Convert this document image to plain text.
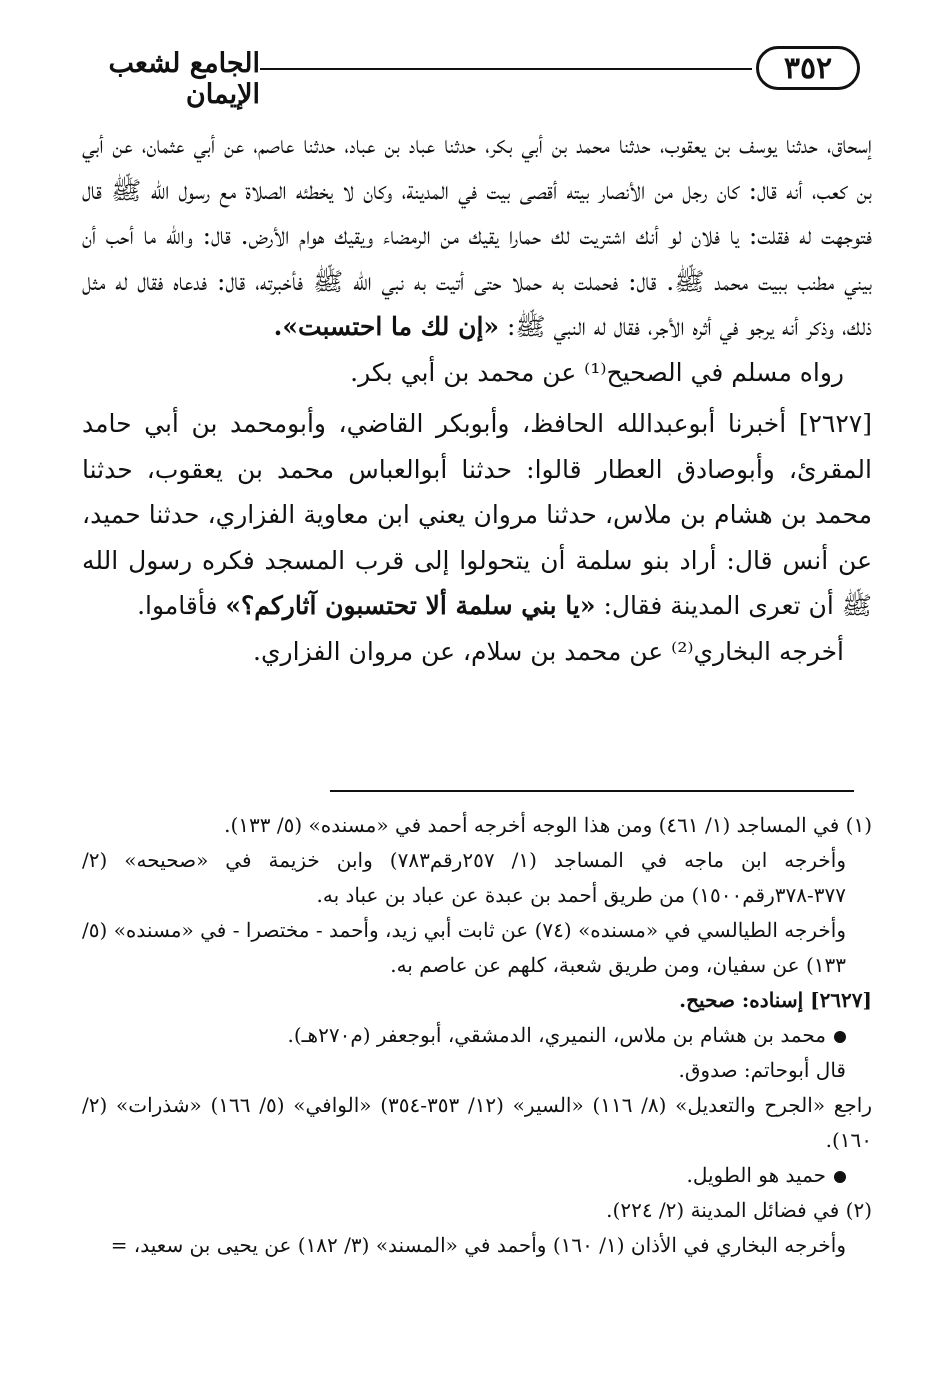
الجامع لشعب الإيمان
٣٥٢

إسحاق، حدثنا يوسف بن يعقوب، حدثنا محمد بن أبي بكر، حدثنا عباد بن عباد، حدثنا عاصم، عن أبي عثمان، عن أبي بن كعب، أنه قال: كان رجل من الأنصار بيته أقصى بيت في المدينة، وكان لا يخطئه الصلاة مع رسول الله ﷺ قال فتوجهت له فقلت: يا فلان لو أنك اشتريت لك حمارا يقيك من الرمضاء ويقيك هوام الأرض. قال: والله ما أحب أن بيني مطنب ببيت محمد ﷺ. قال: فحملت به حملا حتى أتيت به نبي الله ﷺ فأخبرته، قال: فدعاه فقال له مثل ذلك، وذكر أنه يرجو في أثره الأجر، فقال له النبي ﷺ: «إن لك ما احتسبت».

رواه مسلم في الصحيح⁽¹⁾ عن محمد بن أبي بكر.

[٢٦٢٧] أخبرنا أبوعبدالله الحافظ، وأبوبكر القاضي، وأبومحمد بن أبي حامد المقرئ، وأبوصادق العطار قالوا: حدثنا أبوالعباس محمد بن يعقوب، حدثنا محمد بن هشام بن ملاس، حدثنا مروان يعني ابن معاوية الفزاري، حدثنا حميد، عن أنس قال: أراد بنو سلمة أن يتحولوا إلى قرب المسجد فكره رسول الله ﷺ أن تعرى المدينة فقال: «يا بني سلمة ألا تحتسبون آثاركم؟» فأقاموا.

أخرجه البخاري⁽²⁾ عن محمد بن سلام، عن مروان الفزاري.

(١) في المساجد (١/ ٤٦١) ومن هذا الوجه أخرجه أحمد في «مسنده» (٥/ ١٣٣).

وأخرجه ابن ماجه في المساجد (١/ ٢٥٧رقم٧٨٣) وابن خزيمة في «صحيحه» (٢/ ٣٧٧-٣٧٨رقم١٥٠٠) من طريق أحمد بن عبدة عن عباد بن عباد به.

وأخرجه الطيالسي في «مسنده» (٧٤) عن ثابت أبي زيد، وأحمد - مختصرا - في «مسنده» (٥/ ١٣٣) عن سفيان، ومن طريق شعبة، كلهم عن عاصم به.

[٢٦٢٧] إسناده: صحيح.

محمد بن هشام بن ملاس، النميري، الدمشقي، أبوجعفر (م٢٧٠هـ).

قال أبوحاتم: صدوق.

راجع «الجرح والتعديل» (٨/ ١١٦) «السير» (١٢/ ٣٥٣-٣٥٤) «الوافي» (٥/ ١٦٦) «شذرات» (٢/ ١٦٠).

حميد هو الطويل.

(٢) في فضائل المدينة (٢/ ٢٢٤).

وأخرجه البخاري في الأذان (١/ ١٦٠) وأحمد في «المسند» (٣/ ١٨٢) عن يحيى بن سعيد، =
